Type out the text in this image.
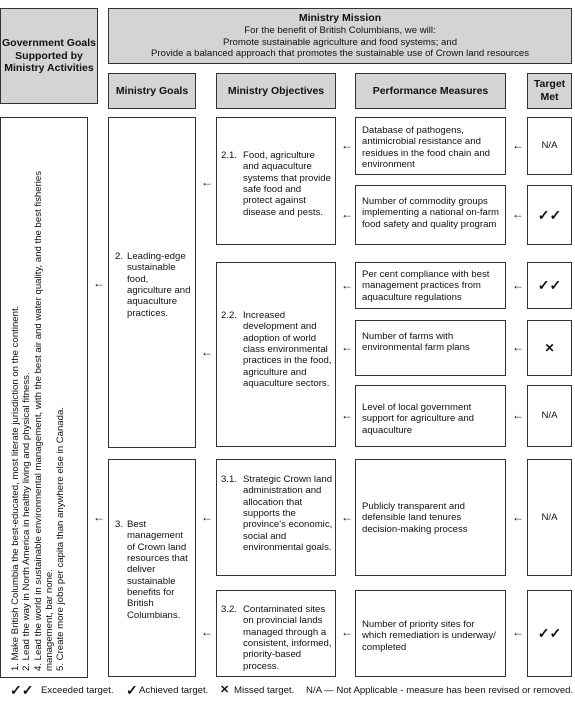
Government Goals Supported by Ministry Activities
Ministry Mission
For the benefit of British Columbians, we will:
Promote sustainable agriculture and food systems; and
Provide a balanced approach that promotes the sustainable use of Crown land resources
Ministry Goals	Ministry Objectives	Performance Measures
Target Met
1. Make British Columbia the best-educated, most literate jurisdiction on the continent. 2. Lead the way in North America in healthy living and physical fitness. 4. Lead the world in sustainable environmental management, with the best air and water quality, and the best fisheries management, bar none. 5. Create more jobs per capita than anywhere else in Canada.
2. Leading-edge sustainable food, agriculture and aquaculture practices.
3. Best management of Crown land resources that deliver sustainable benefits for British Columbians.
2.1. Food, agriculture and aquaculture systems that provide safe food and protect against disease and pests.
2.2. Increased development and adoption of world class environmental practices in the food, agriculture and aquaculture sectors.
3.1. Strategic Crown land administration and allocation that supports the province's economic, social and environmental goals.
3.2. Contaminated sites on provincial lands managed through a consistent, informed, priority-based process.
Database of pathogens, antimicrobial resistance and residues in the food chain and environment
Number of commodity groups implementing a national on-farm food safety and quality program
Per cent compliance with best management practices from aquaculture regulations
Number of farms with environmental farm plans
Level of local government support for agriculture and aquaculture
Publicly transparent and defensible land tenures decision-making process
Number of priority sites for which remediation is underway/ completed
N/A
✓✓
✓✓
✕
N/A
N/A
✓✓
←
←
←
←
←
←
←
←
←
←
←
←
←
←
←
←
←
←
←
←
✓✓ Exceeded target. ✓ Achieved target. ✕ Missed target. N/A — Not Applicable - measure has been revised or removed.
